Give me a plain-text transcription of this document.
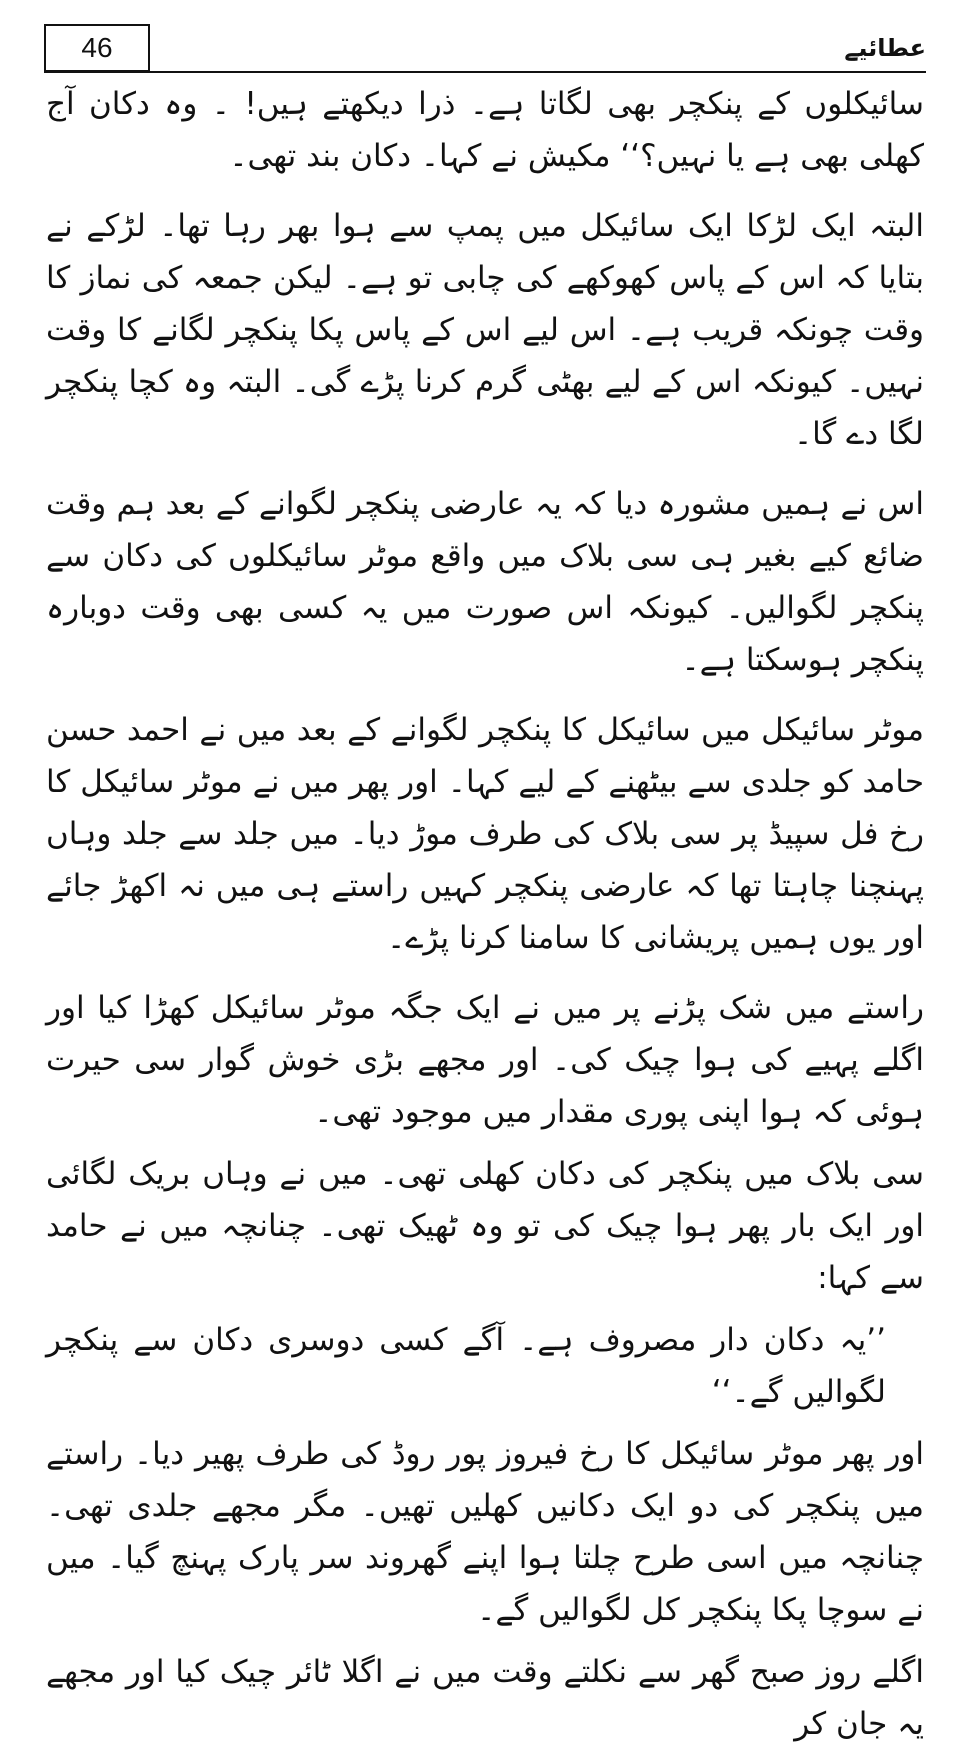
46	عطائیے

سائیکلوں کے پنکچر بھی لگاتا ہے۔ ذرا دیکھتے ہیں! ۔ وہ دکان آج کھلی بھی ہے یا نہیں؟‘‘ مکیش نے کہا۔ دکان بند تھی۔

البتہ ایک لڑکا ایک سائیکل میں پمپ سے ہوا بھر رہا تھا۔ لڑکے نے بتایا کہ اس کے پاس کھوکھے کی چابی تو ہے۔ لیکن جمعہ کی نماز کا وقت چونکہ قریب ہے۔ اس لیے اس کے پاس پکا پنکچر لگانے کا وقت نہیں۔ کیونکہ اس کے لیے بھٹی گرم کرنا پڑے گی۔ البتہ وہ کچا پنکچر لگا دے گا۔

اس نے ہمیں مشورہ دیا کہ یہ عارضی پنکچر لگوانے کے بعد ہم وقت ضائع کیے بغیر ہی سی بلاک میں واقع موٹر سائیکلوں کی دکان سے پنکچر لگوالیں۔ کیونکہ اس صورت میں یہ کسی بھی وقت دوبارہ پنکچر ہوسکتا ہے۔

موٹر سائیکل میں سائیکل کا پنکچر لگوانے کے بعد میں نے احمد حسن حامد کو جلدی سے بیٹھنے کے لیے کہا۔ اور پھر میں نے موٹر سائیکل کا رخ فل سپیڈ پر سی بلاک کی طرف موڑ دیا۔ میں جلد سے جلد وہاں پہنچنا چاہتا تھا کہ عارضی پنکچر کہیں راستے ہی میں نہ اکھڑ جائے اور یوں ہمیں پریشانی کا سامنا کرنا پڑے۔

راستے میں شک پڑنے پر میں نے ایک جگہ موٹر سائیکل کھڑا کیا اور اگلے پہیے کی ہوا چیک کی۔ اور مجھے بڑی خوش گوار سی حیرت ہوئی کہ ہوا اپنی پوری مقدار میں موجود تھی۔

سی بلاک میں پنکچر کی دکان کھلی تھی۔ میں نے وہاں بریک لگائی اور ایک بار پھر ہوا چیک کی تو وہ ٹھیک تھی۔ چنانچہ میں نے حامد سے کہا:

’’یہ دکان دار مصروف ہے۔ آگے کسی دوسری دکان سے پنکچر لگوالیں گے۔‘‘

اور پھر موٹر سائیکل کا رخ فیروز پور روڈ کی طرف پھیر دیا۔ راستے میں پنکچر کی دو ایک دکانیں کھلیں تھیں۔ مگر مجھے جلدی تھی۔ چنانچہ میں اسی طرح چلتا ہوا اپنے گھروند سر پارک پہنچ گیا۔ میں نے سوچا پکا پنکچر کل لگوالیں گے۔

اگلے روز صبح گھر سے نکلتے وقت میں نے اگلا ٹائر چیک کیا اور مجھے یہ جان کر
